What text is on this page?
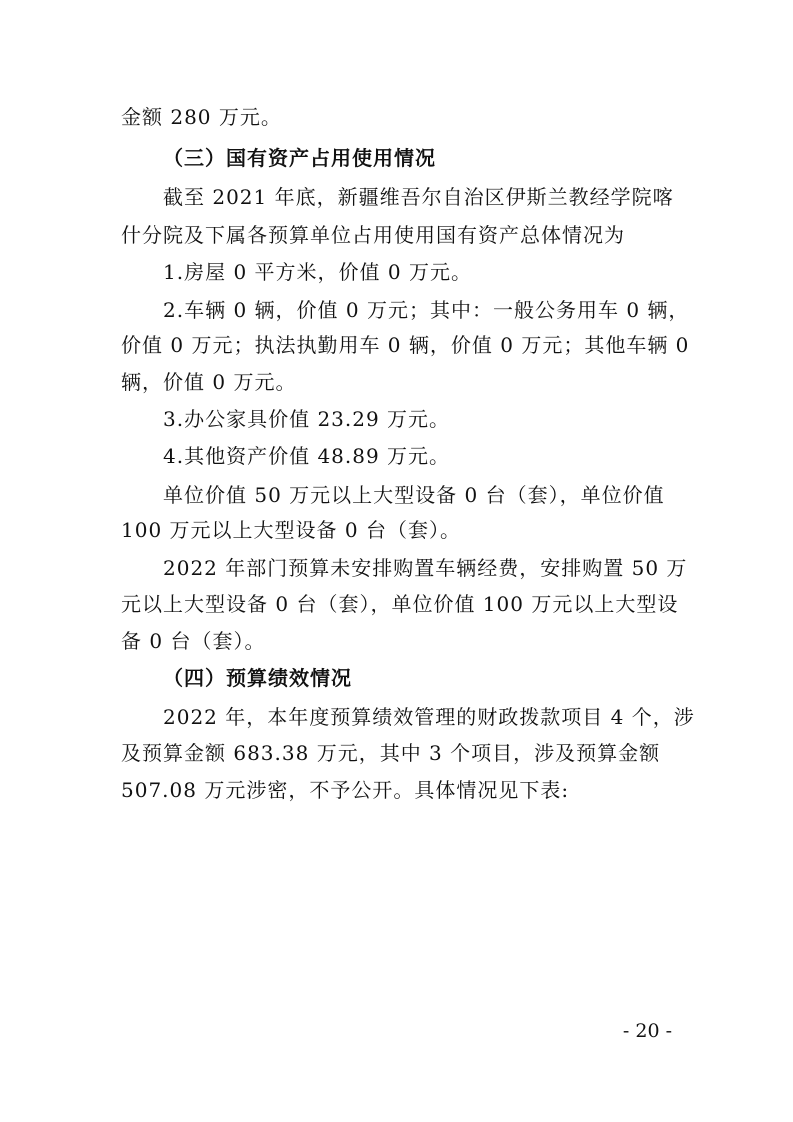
金额 280 万元。
（三）国有资产占用使用情况
截至 2021 年底，新疆维吾尔自治区伊斯兰教经学院喀
什分院及下属各预算单位占用使用国有资产总体情况为
1.房屋 0 平方米，价值 0 万元。
2.车辆 0 辆，价值 0 万元；其中：一般公务用车 0 辆，
价值 0 万元；执法执勤用车 0 辆，价值 0 万元；其他车辆 0
辆，价值 0 万元。
3.办公家具价值 23.29 万元。
4.其他资产价值 48.89 万元。
单位价值 50 万元以上大型设备 0 台（套），单位价值
100 万元以上大型设备 0 台（套）。
2022 年部门预算未安排购置车辆经费，安排购置 50 万
元以上大型设备 0 台（套），单位价值 100 万元以上大型设
备 0 台（套）。
（四）预算绩效情况
2022 年，本年度预算绩效管理的财政拨款项目 4 个，涉
及预算金额 683.38 万元，其中 3 个项目，涉及预算金额
507.08 万元涉密，不予公开。具体情况见下表:
- 20 -
